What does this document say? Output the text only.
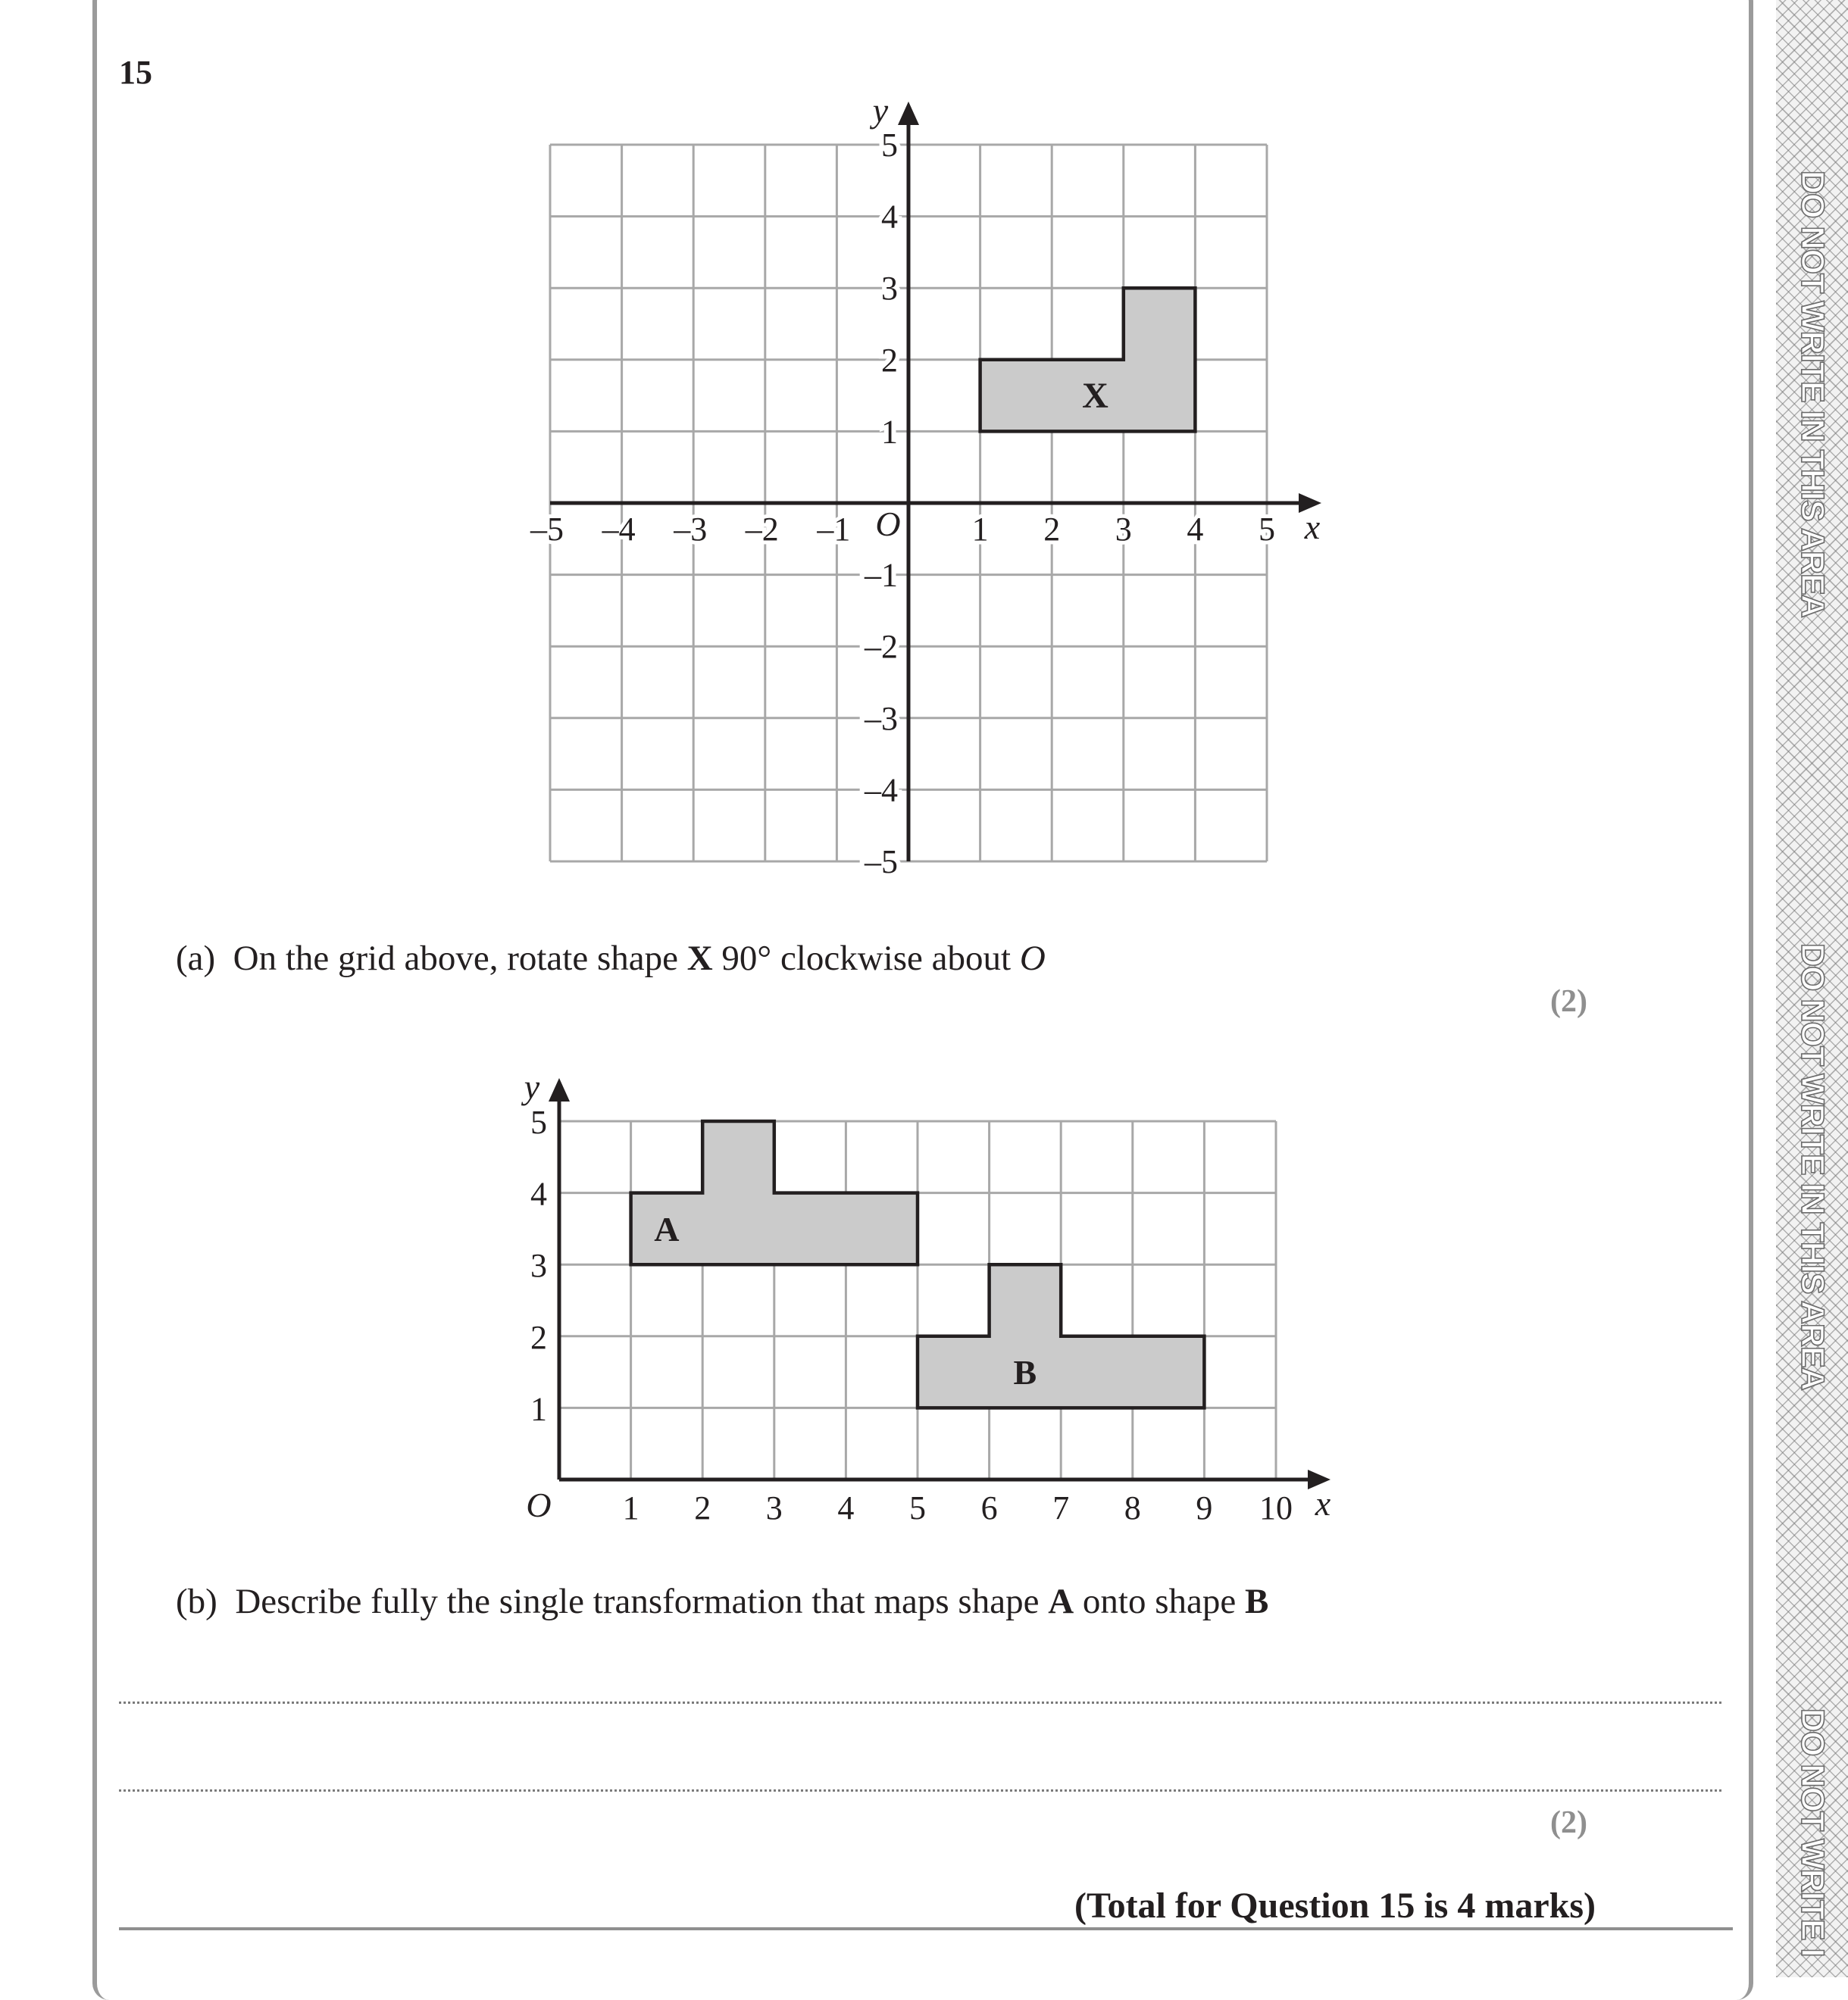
DO NOT WRITE IN THIS AREA
DO NOT WRITE IN THIS AREA
DO NOT WRITE I
15
–5 –4 –3 –2 –1	1 2 3 4 5
5
4
3
2
1
–1
–2
–3
–4
–5
O	x
y
X
(a) On the grid above, rotate shape X 90° clockwise about O
(2)
1 2 3 4 5 6 7 8 9 10
5
4
3
2
1
O	x
y
A
B
(b) Describe fully the single transformation that maps shape A onto shape B
(2)
(Total for Question 15 is 4 marks)
